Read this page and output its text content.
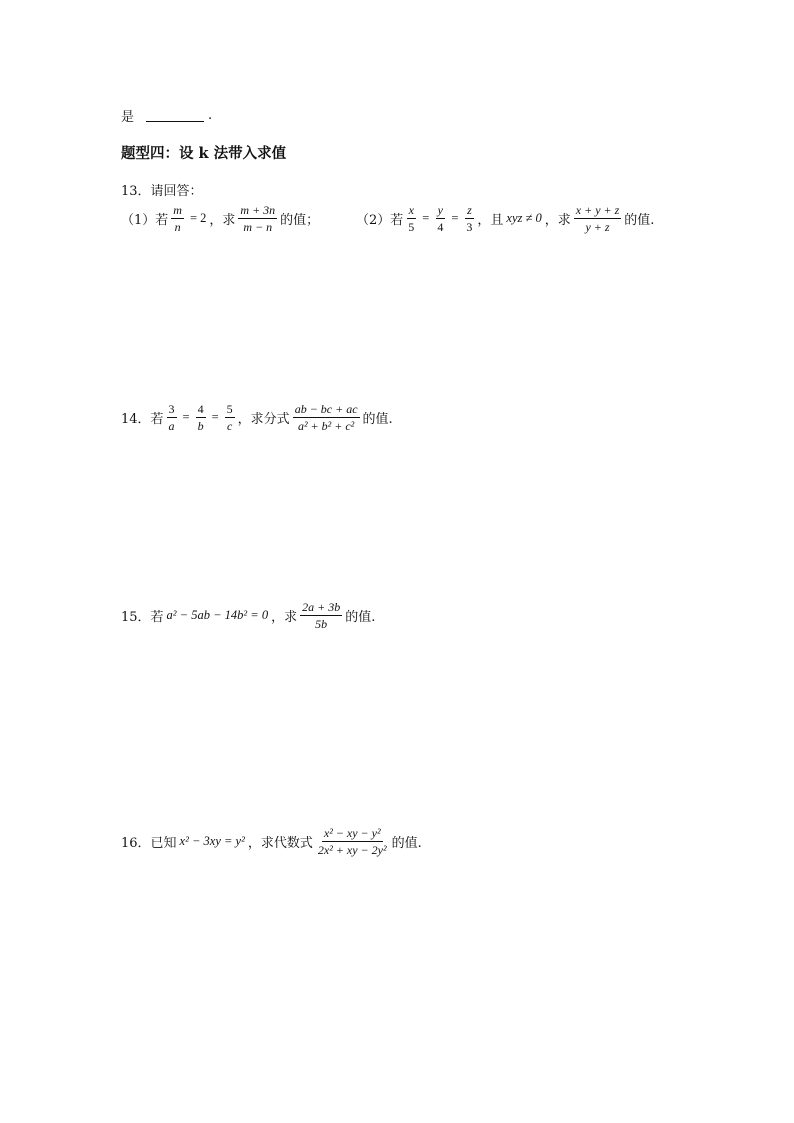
是	.
题型四：设 k 法带入求值
13．请回答：
（1）若 $\frac{m}{n} = 2$ ，求 $\frac{m + 3n}{m - n}$ 的值；	（2）若 $\frac{x}{5} = \frac{y}{4} = \frac{z}{3}$ ，且 xyz ≠ 0 ，求 $\frac{x + y + z}{y + z}$ 的值.
14．若 $\frac{3}{a} = \frac{4}{b} = \frac{5}{c}$ ，求分式 $\frac{ab - bc + ac}{\text{a² + b² + c²}}$ 的值.
15．若 a² − 5ab − 14b² = 0 ，求 $\frac{2a + 3b}{5b}$ 的值.
16．已知 x² − 3xy = y² ，求代数式 $\frac{\text{x² − xy − y²}}{\text{2x² + xy − 2y²}}$ 的值.
